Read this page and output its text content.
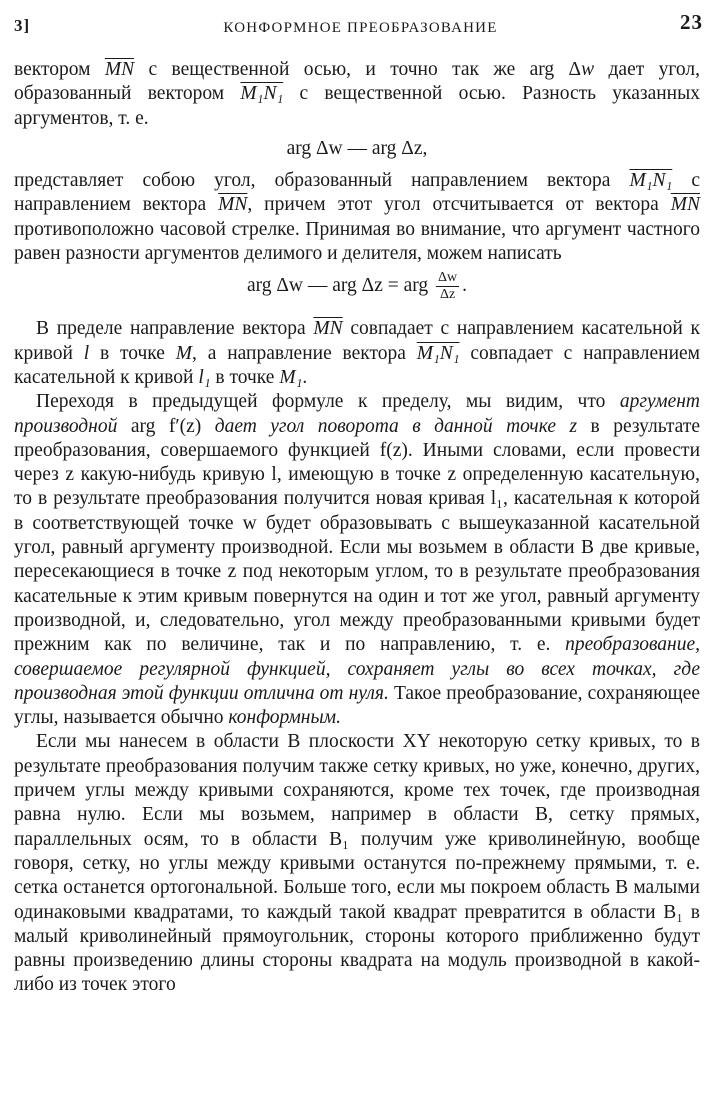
3]	КОНФОРМНОЕ ПРЕОБРАЗОВАНИЕ	23

вектором $\overline{MN}$ с вещественной осью, и точно так же arg Δw дает угол, образованный вектором M₁N₁ с вещественной осью. Разность указанных аргументов, т. е.

arg Δw — arg Δz,

представляет собою угол, образованный направлением вектора M₁N₁ с направлением вектора $\overline{MN}$, причем этот угол отсчитывается от вектора $\overline{MN}$ противоположно часовой стрелке. Принимая во внимание, что аргумент частного равен разности аргументов делимого и делителя, можем написать

arg Δw — arg Δz = arg $\frac{\Delta w}{\Delta z}$ .

В пределе направление вектора $\overline{MN}$ совпадает с направлением касательной к кривой l в точке M, а направление вектора M₁N₁ совпадает с направлением касательной к кривой l₁ в точке M₁.

Переходя в предыдущей формуле к пределу, мы видим, что аргумент производной arg f′(z) дает угол поворота в данной точке z в результате преобразования, совершаемого функцией f(z). Иными словами, если провести через z какую-нибудь кривую l, имеющую в точке z определенную касательную, то в результате преобразования получится новая кривая l₁, касательная к которой в соответствующей точке w будет образовывать с вышеуказанной касательной угол, равный аргументу производной. Если мы возьмем в области B две кривые, пересекающиеся в точке z под некоторым углом, то в результате преобразования касательные к этим кривым повернутся на один и тот же угол, равный аргументу производной, и, следовательно, угол между преобразованными кривыми будет прежним как по величине, так и по направлению, т. е. преобразование, совершаемое регулярной функцией, сохраняет углы во всех точках, где производная этой функции отлична от нуля. Такое преобразование, сохраняющее углы, называется обычно конформным.

Если мы нанесем в области B плоскости XY некоторую сетку кривых, то в результате преобразования получим также сетку кривых, но уже, конечно, других, причем углы между кривыми сохраняются, кроме тех точек, где производная равна нулю. Если мы возьмем, например в области B, сетку прямых, параллельных осям, то в области B₁ получим уже криволинейную, вообще говоря, сетку, но углы между кривыми останутся по-прежнему прямыми, т. е. сетка останется ортогональной. Больше того, если мы покроем область B малыми одинаковыми квадратами, то каждый такой квадрат превратится в области B₁ в малый криволинейный прямоугольник, стороны которого приближенно будут равны произведению длины стороны квадрата на модуль производной в какой-либо из точек этого
